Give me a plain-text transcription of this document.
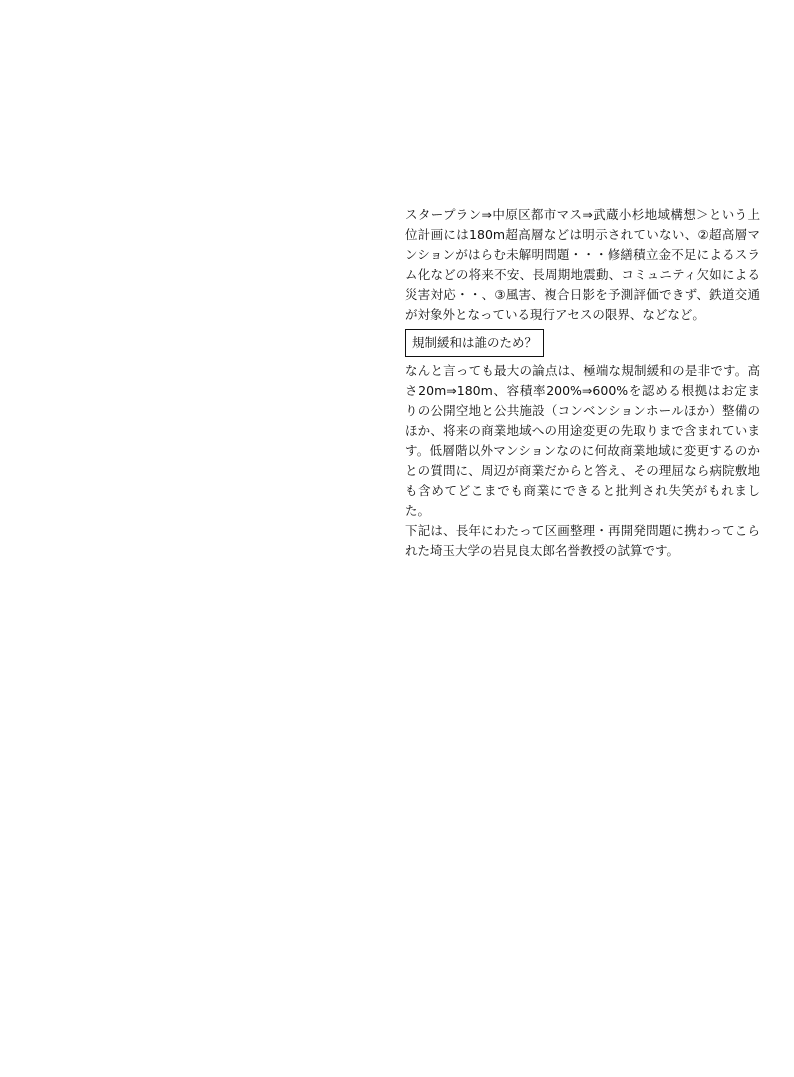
スタープラン⇒中原区都市マス⇒武蔵小杉地域構想＞という上位計画には180m超高層などは明示されていない、②超高層マンションがはらむ未解明問題・・・修繕積立金不足によるスラム化などの将来不安、長周期地震動、コミュニティ欠如による災害対応・・、③風害、複合日影を予測評価できず、鉄道交通が対象外となっている現行アセスの限界、などなど。

規制緩和は誰のため？

なんと言っても最大の論点は、極端な規制緩和の是非です。高さ20m⇒180m、容積率200%⇒600%を認める根拠はお定まりの公開空地と公共施設（コンベンションホールほか）整備のほか、将来の商業地域への用途変更の先取りまで含まれています。低層階以外マンションなのに何故商業地域に変更するのかとの質問に、周辺が商業だからと答え、その理屈なら病院敷地も含めてどこまでも商業にできると批判され失笑がもれました。

下記は、長年にわたって区画整理・再開発問題に携わってこられた埼玉大学の岩見良太郎名誉教授の試算です。
